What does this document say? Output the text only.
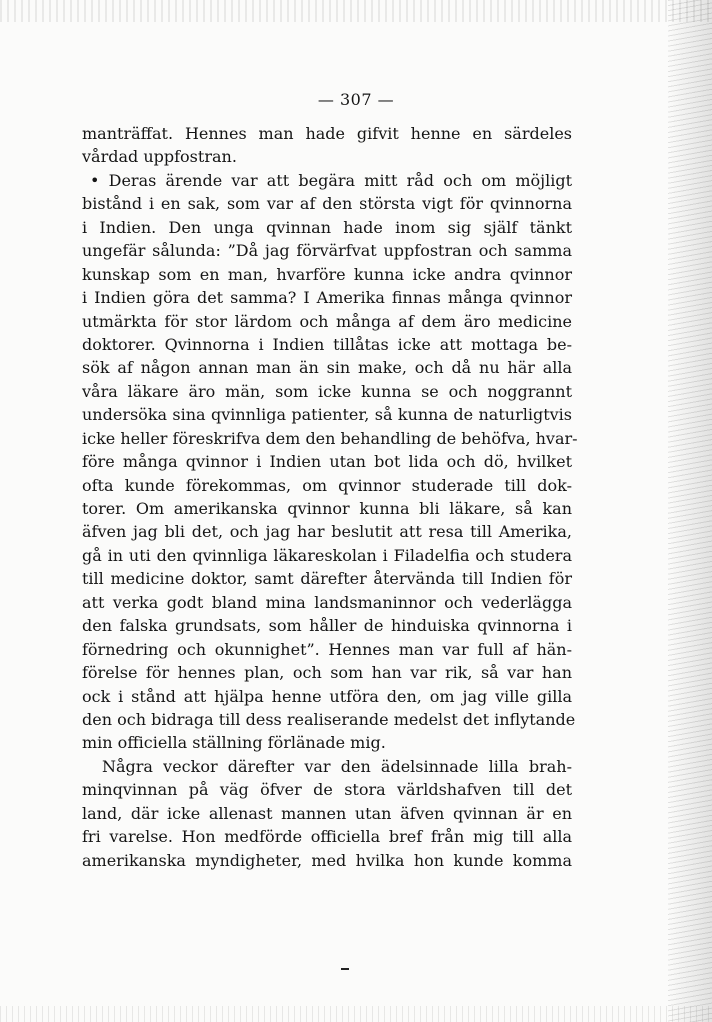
— 307 —
manträffat. Hennes man hade gifvit henne en särdeles
vårdad uppfostran.
• Deras ärende var att begära mitt råd och om möjligt
bistånd i en sak, som var af den största vigt för qvinnorna
i Indien. Den unga qvinnan hade inom sig själf tänkt
ungefär sålunda: ”Då jag förvärfvat uppfostran och samma
kunskap som en man, hvarföre kunna icke andra qvinnor
i Indien göra det samma? I Amerika finnas många qvinnor
utmärkta för stor lärdom och många af dem äro medicine
doktorer. Qvinnorna i Indien tillåtas icke att mottaga be-
sök af någon annan man än sin make, och då nu här alla
våra läkare äro män, som icke kunna se och noggrannt
undersöka sina qvinnliga patienter, så kunna de naturligtvis
icke heller föreskrifva dem den behandling de behöfva, hvar-
före många qvinnor i Indien utan bot lida och dö, hvilket
ofta kunde förekommas, om qvinnor studerade till dok-
torer. Om amerikanska qvinnor kunna bli läkare, så kan
äfven jag bli det, och jag har beslutit att resa till Amerika,
gå in uti den qvinnliga läkareskolan i Filadelfia och studera
till medicine doktor, samt därefter återvända till Indien för
att verka godt bland mina landsmaninnor och vederlägga
den falska grundsats, som håller de hinduiska qvinnorna i
förnedring och okunnighet”. Hennes man var full af hän-
förelse för hennes plan, och som han var rik, så var han
ock i stånd att hjälpa henne utföra den, om jag ville gilla
den och bidraga till dess realiserande medelst det inflytande
min officiella ställning förlänade mig.
Några veckor därefter var den ädelsinnade lilla brah-
minqvinnan på väg öfver de stora världshafven till det
land, där icke allenast mannen utan äfven qvinnan är en
fri varelse. Hon medförde officiella bref från mig till alla
amerikanska myndigheter, med hvilka hon kunde komma
